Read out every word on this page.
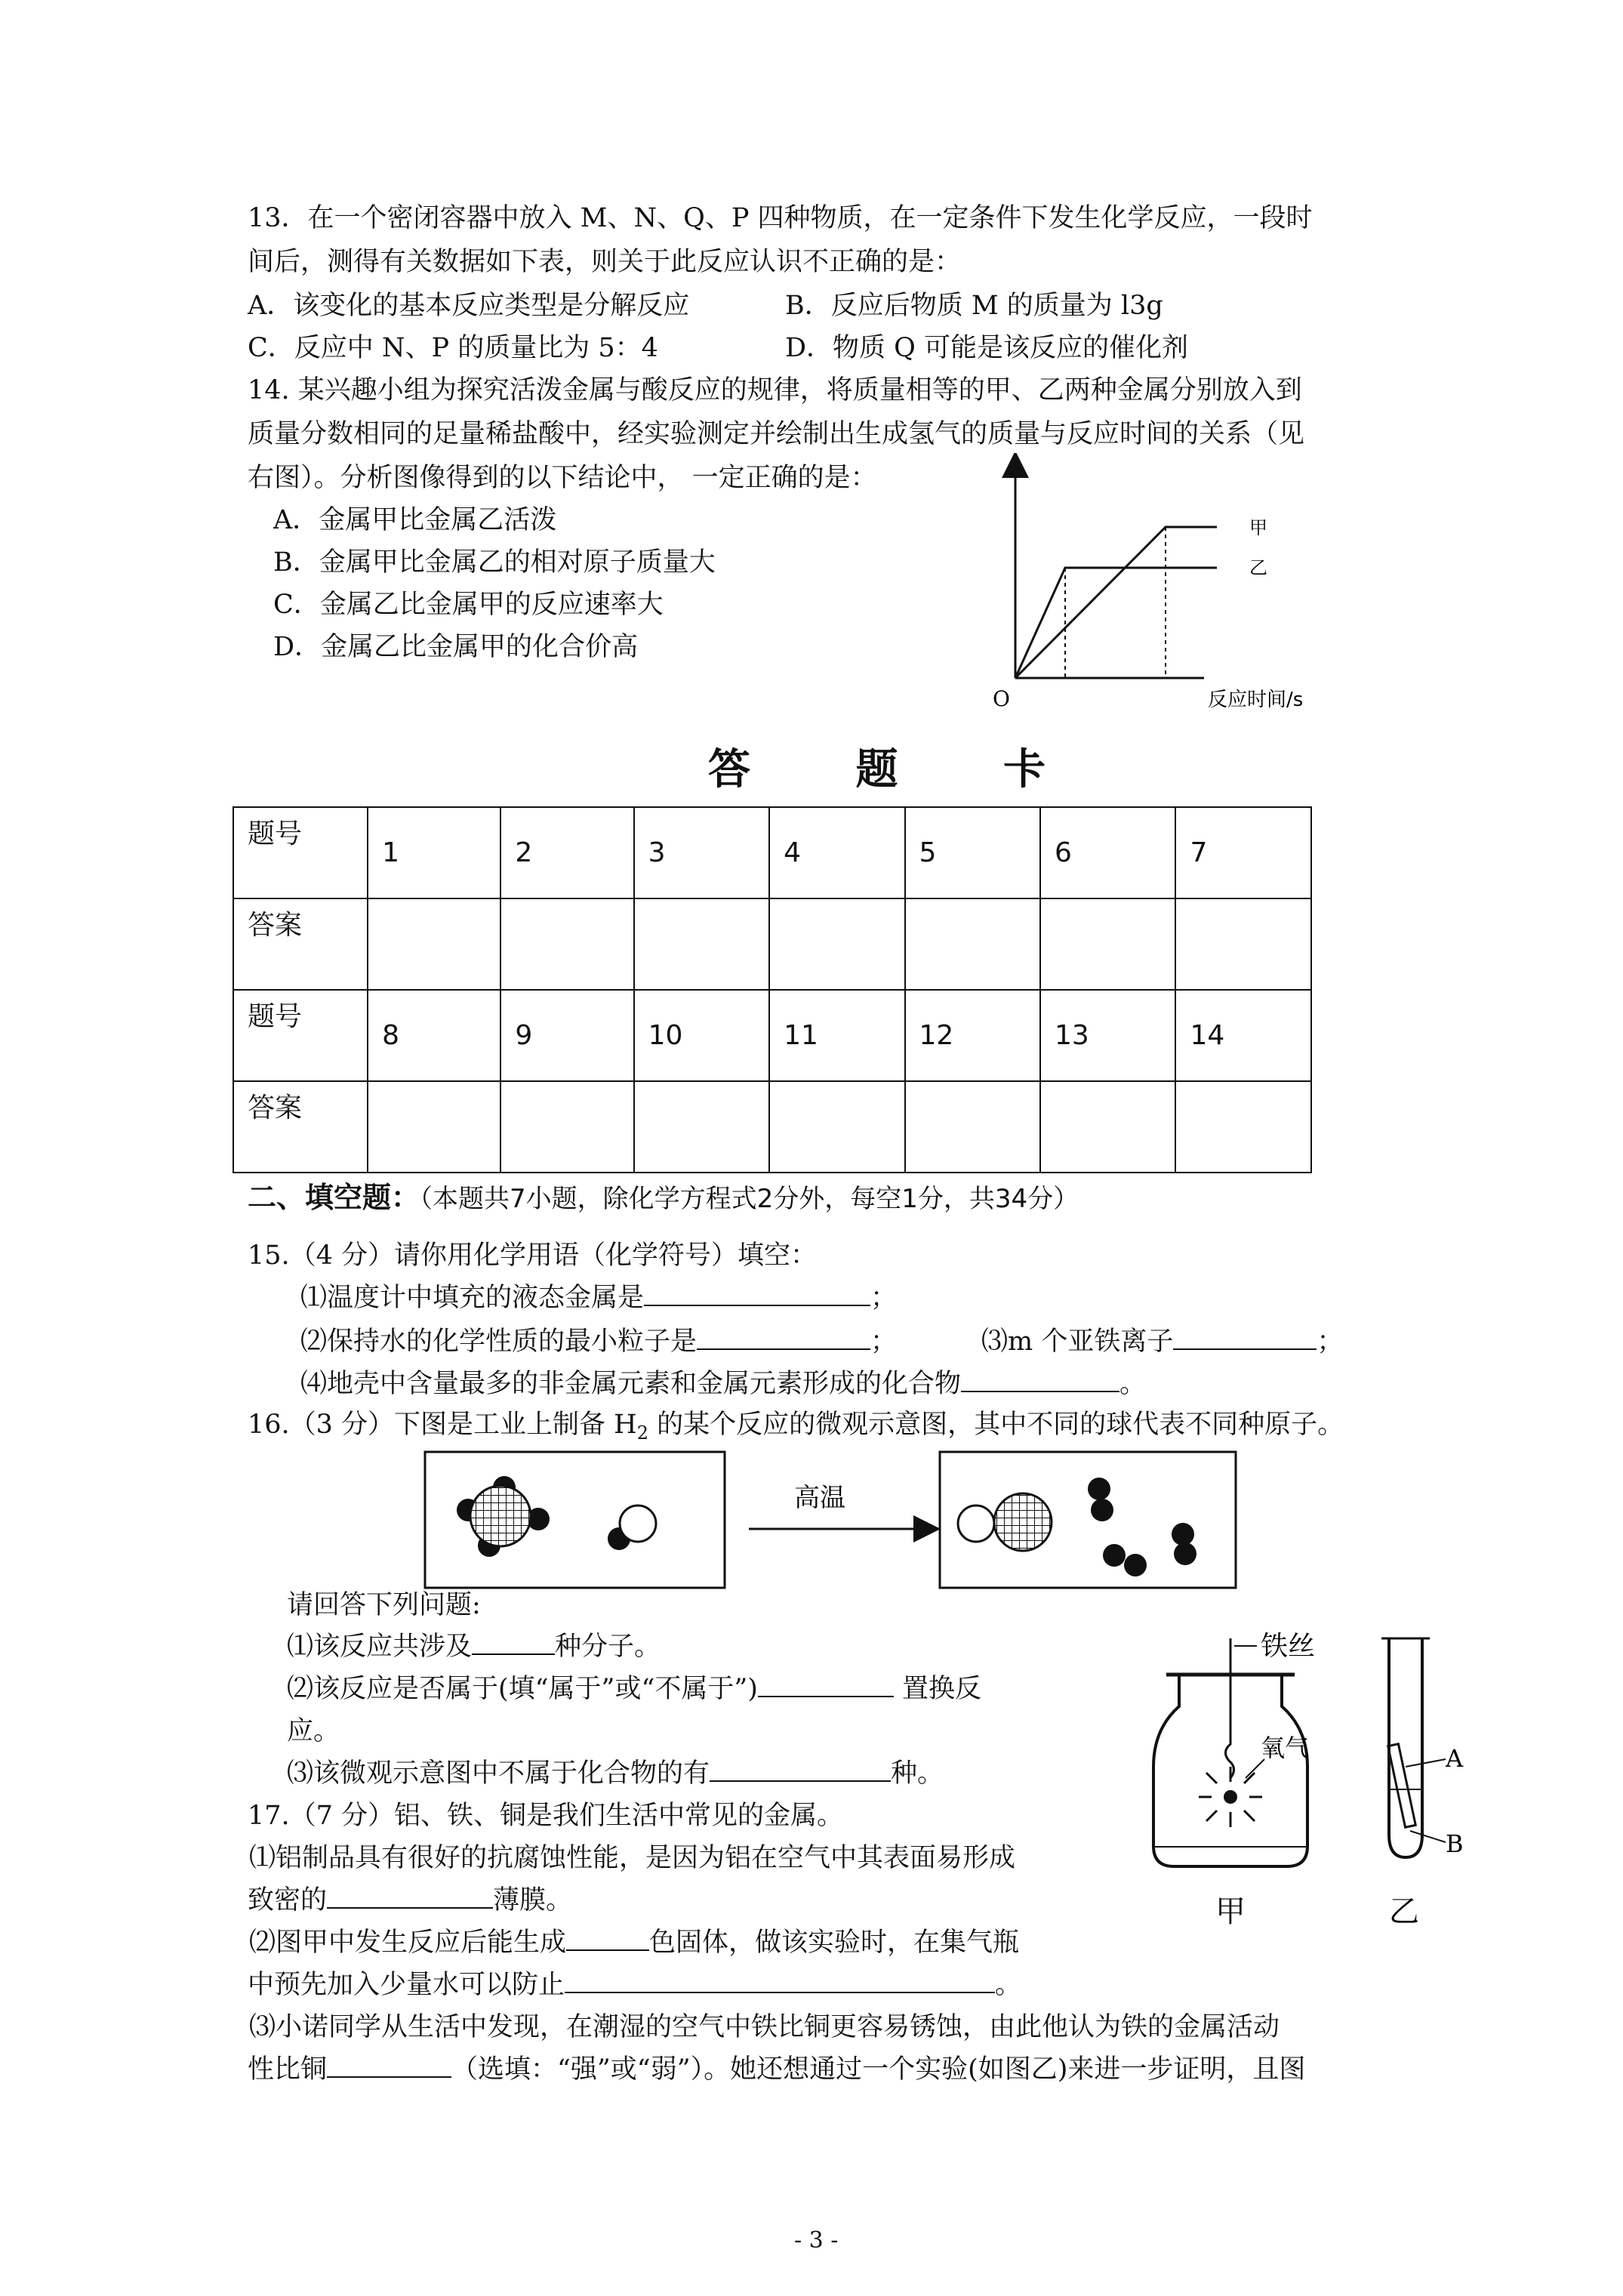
13．在一个密闭容器中放入 M、N、Q、P 四种物质，在一定条件下发生化学反应，一段时
间后，测得有关数据如下表，则关于此反应认识不正确的是：
A．该变化的基本反应类型是分解反应	B．反应后物质 M 的质量为 l3g
C．反应中 N、P 的质量比为 5：4	D．物质 Q 可能是该反应的催化剂
14. 某兴趣小组为探究活泼金属与酸反应的规律，将质量相等的甲、乙两种金属分别放入到
质量分数相同的足量稀盐酸中，经实验测定并绘制出生成氢气的质量与反应时间的关系（见
右图）。分析图像得到的以下结论中， 一定正确的是：
A．金属甲比金属乙活泼
B．金属甲比金属乙的相对原子质量大
C．金属乙比金属甲的反应速率大
D．金属乙比金属甲的化合价高
甲
乙
O	反应时间/s
答 题 卡
题号	1	2	3	4	5	6	7
答案							
题号	8	9	10	11	12	13	14
答案							
二、填空题：（本题共7小题，除化学方程式2分外，每空1分，共34分）
15.（4 分）请你用化学用语（化学符号）填空：
⑴温度计中填充的液态金属是	；
⑵保持水的化学性质的最小粒子是	；	⑶m 个亚铁离子	；
⑷地壳中含量最多的非金属元素和金属元素形成的化合物	。
16.（3 分）下图是工业上制备 $H_2$ 的某个反应的微观示意图，其中不同的球代表不同种原子。
高温
请回答下列问题:
⑴该反应共涉及	种分子。
⑵该反应是否属于(填“属于”或“不属于”)	置换反
应。
⑶该微观示意图中不属于化合物的有	种。
铁丝
氧气	A
B
甲	乙
17.（7 分）铝、铁、铜是我们生活中常见的金属。
⑴铝制品具有很好的抗腐蚀性能，是因为铝在空气中其表面易形成
致密的	薄膜。
⑵图甲中发生反应后能生成	色固体，做该实验时，在集气瓶
中预先加入少量水可以防止	。
⑶小诺同学从生活中发现，在潮湿的空气中铁比铜更容易锈蚀，由此他认为铁的金属活动
性比铜	（选填：“强”或“弱”）。她还想通过一个实验(如图乙)来进一步证明，且图
- 3 -
